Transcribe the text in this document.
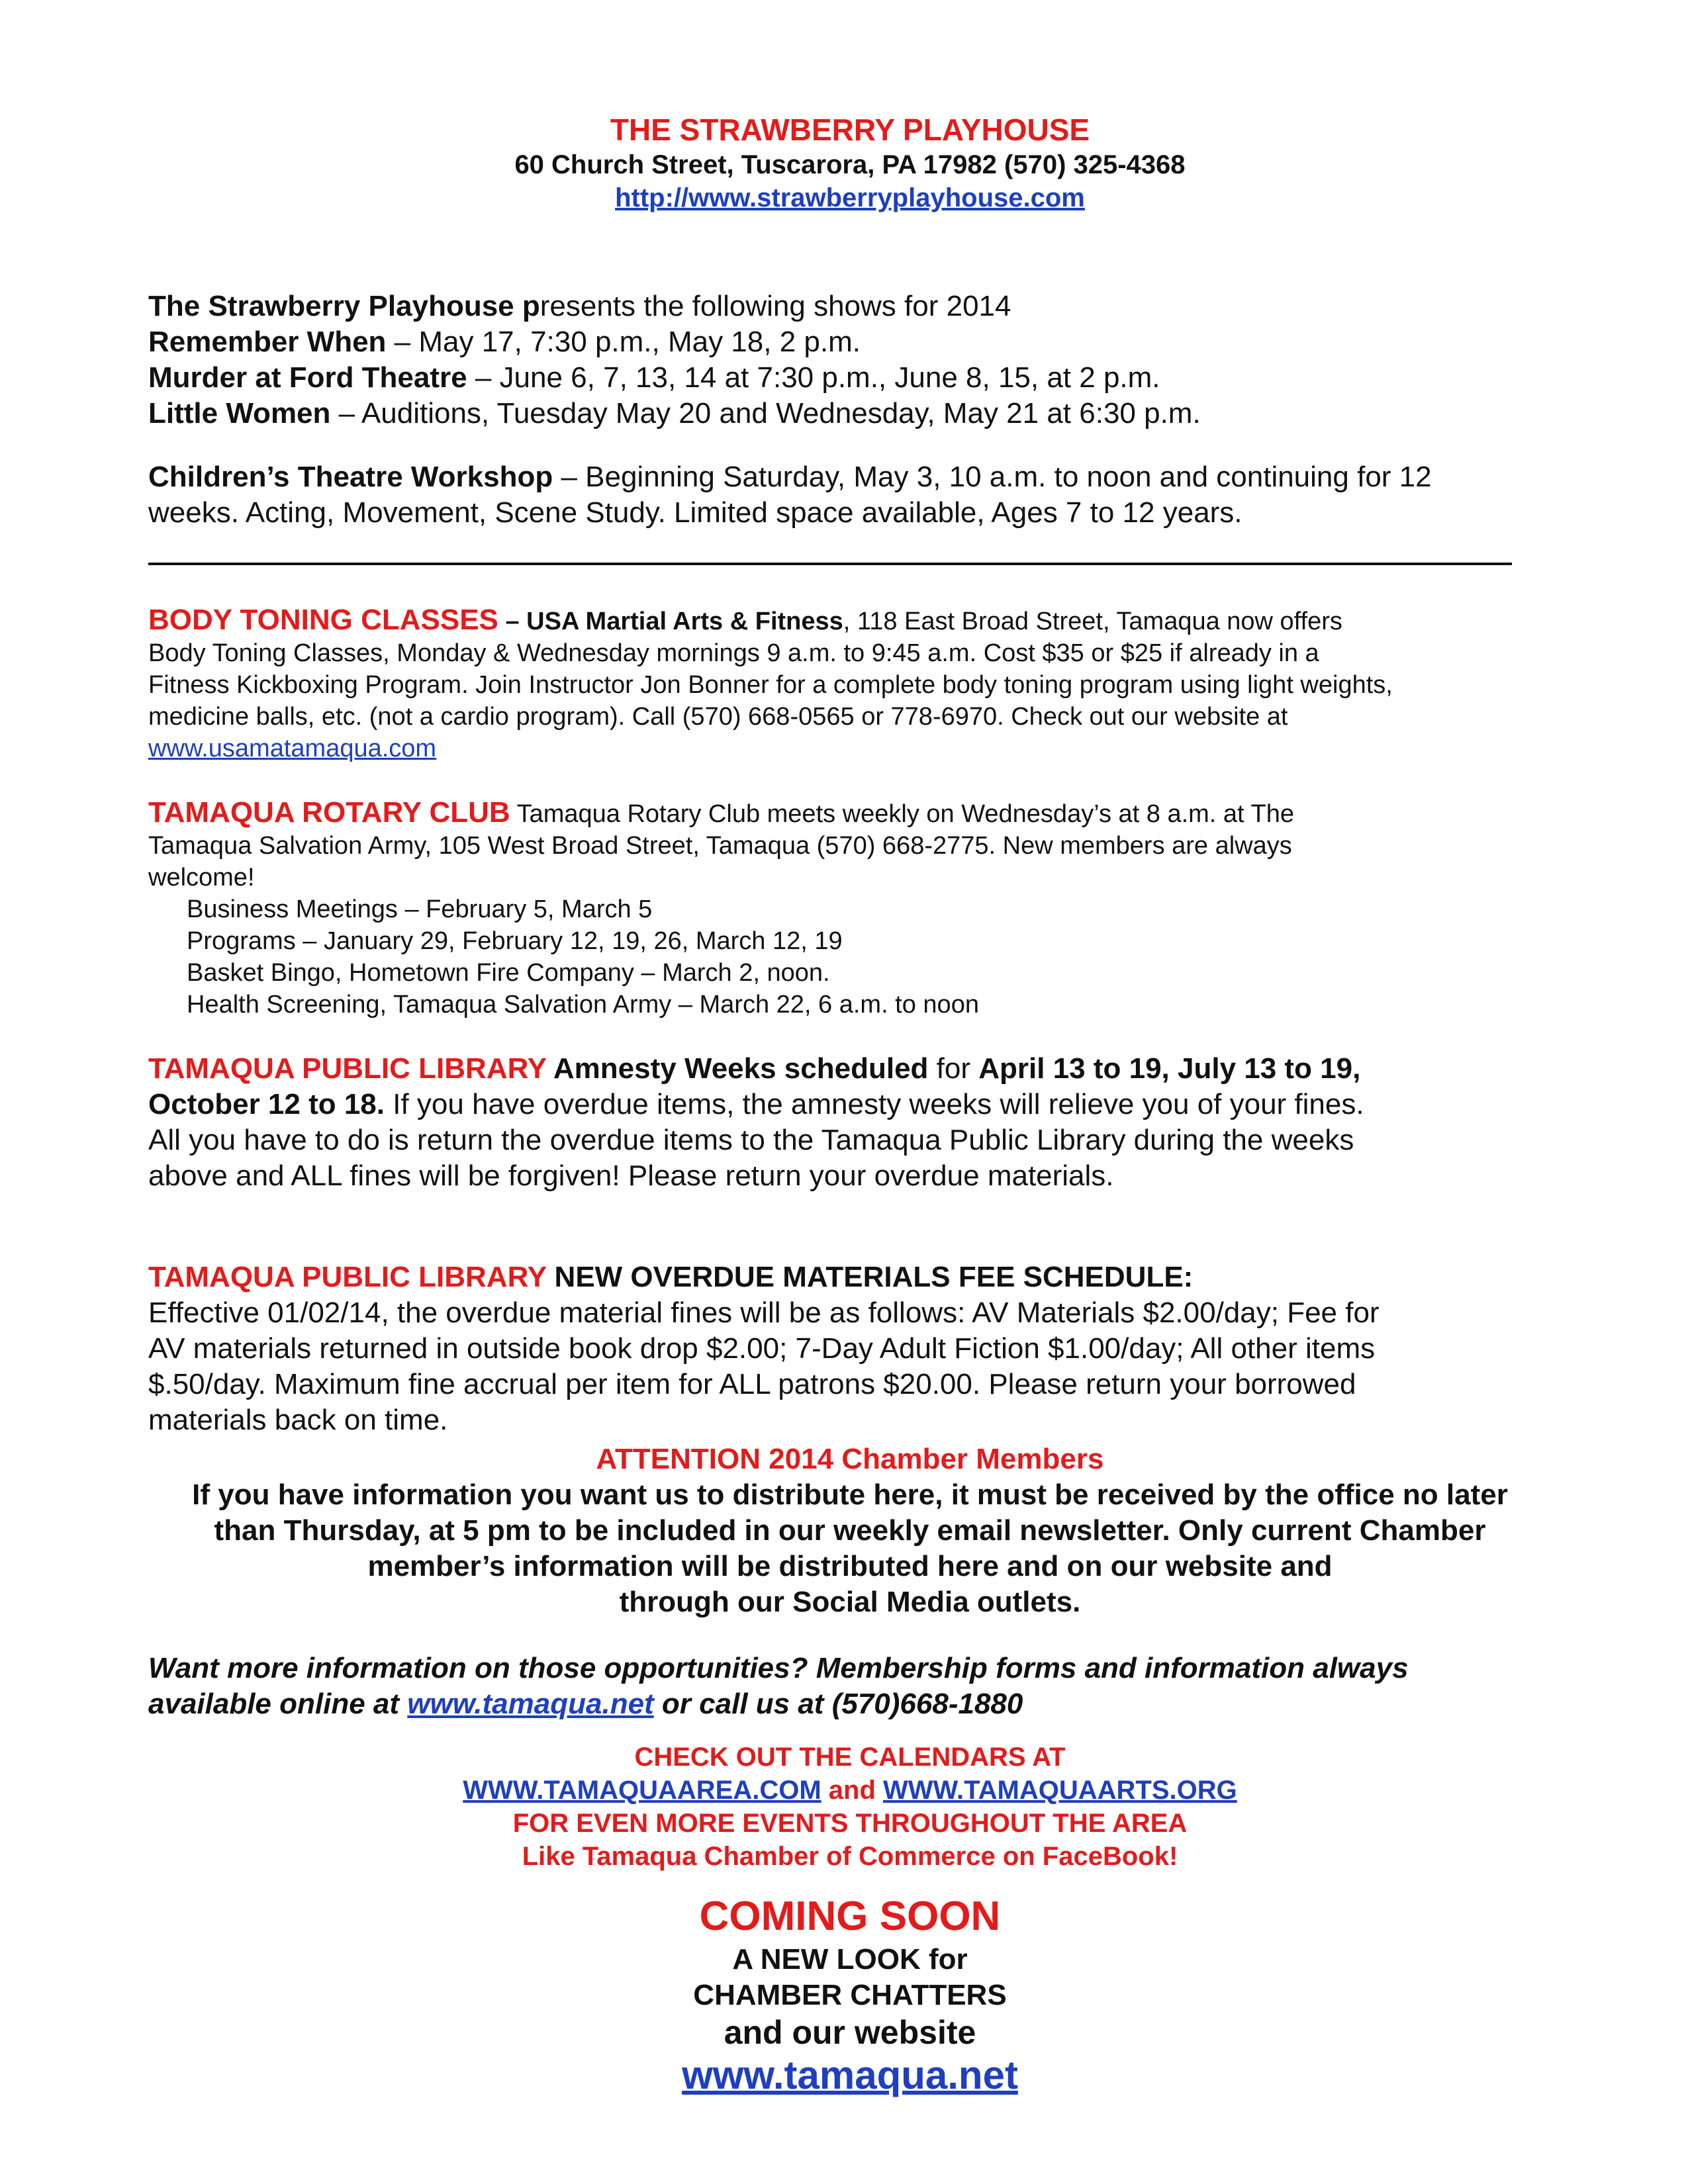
THE STRAWBERRY PLAYHOUSE
60 Church Street, Tuscarora, PA 17982 (570) 325-4368
http://www.strawberryplayhouse.com
The Strawberry Playhouse presents the following shows for 2014
Remember When – May 17, 7:30 p.m., May 18, 2 p.m.
Murder at Ford Theatre – June 6, 7, 13, 14 at 7:30 p.m., June 8, 15, at 2 p.m.
Little Women – Auditions, Tuesday May 20 and Wednesday, May 21 at 6:30 p.m.
Children’s Theatre Workshop – Beginning Saturday, May 3, 10 a.m. to noon and continuing for 12 weeks. Acting, Movement, Scene Study. Limited space available, Ages 7 to 12 years.
BODY TONING CLASSES – USA Martial Arts & Fitness, 118 East Broad Street, Tamaqua now offers Body Toning Classes, Monday & Wednesday mornings 9 a.m. to 9:45 a.m. Cost $35 or $25 if already in a Fitness Kickboxing Program. Join Instructor Jon Bonner for a complete body toning program using light weights, medicine balls, etc. (not a cardio program). Call (570) 668-0565 or 778-6970. Check out our website at www.usamatamaqua.com
TAMAQUA ROTARY CLUB Tamaqua Rotary Club meets weekly on Wednesday’s at 8 a.m. at The Tamaqua Salvation Army, 105 West Broad Street, Tamaqua (570) 668-2775. New members are always welcome!
Business Meetings – February 5, March 5
Programs – January 29, February 12, 19, 26, March 12, 19
Basket Bingo, Hometown Fire Company – March 2, noon.
Health Screening, Tamaqua Salvation Army – March 22, 6 a.m. to noon
TAMAQUA PUBLIC LIBRARY Amnesty Weeks scheduled for April 13 to 19, July 13 to 19, October 12 to 18. If you have overdue items, the amnesty weeks will relieve you of your fines. All you have to do is return the overdue items to the Tamaqua Public Library during the weeks above and ALL fines will be forgiven! Please return your overdue materials.
TAMAQUA PUBLIC LIBRARY NEW OVERDUE MATERIALS FEE SCHEDULE:
Effective 01/02/14, the overdue material fines will be as follows: AV Materials $2.00/day; Fee for AV materials returned in outside book drop $2.00; 7-Day Adult Fiction $1.00/day; All other items $.50/day. Maximum fine accrual per item for ALL patrons $20.00. Please return your borrowed materials back on time.
ATTENTION 2014 Chamber Members
If you have information you want us to distribute here, it must be received by the office no later
than Thursday, at 5 pm to be included in our weekly email newsletter. Only current Chamber
member’s information will be distributed here and on our website and
through our Social Media outlets.
Want more information on those opportunities? Membership forms and information always
available online at www.tamaqua.net or call us at (570)668-1880
CHECK OUT THE CALENDARS AT
WWW.TAMAQUAAREA.COM and WWW.TAMAQUAARTS.ORG
FOR EVEN MORE EVENTS THROUGHOUT THE AREA
Like Tamaqua Chamber of Commerce on FaceBook!
COMING SOON
A NEW LOOK for
CHAMBER CHATTERS
and our website
www.tamaqua.net
